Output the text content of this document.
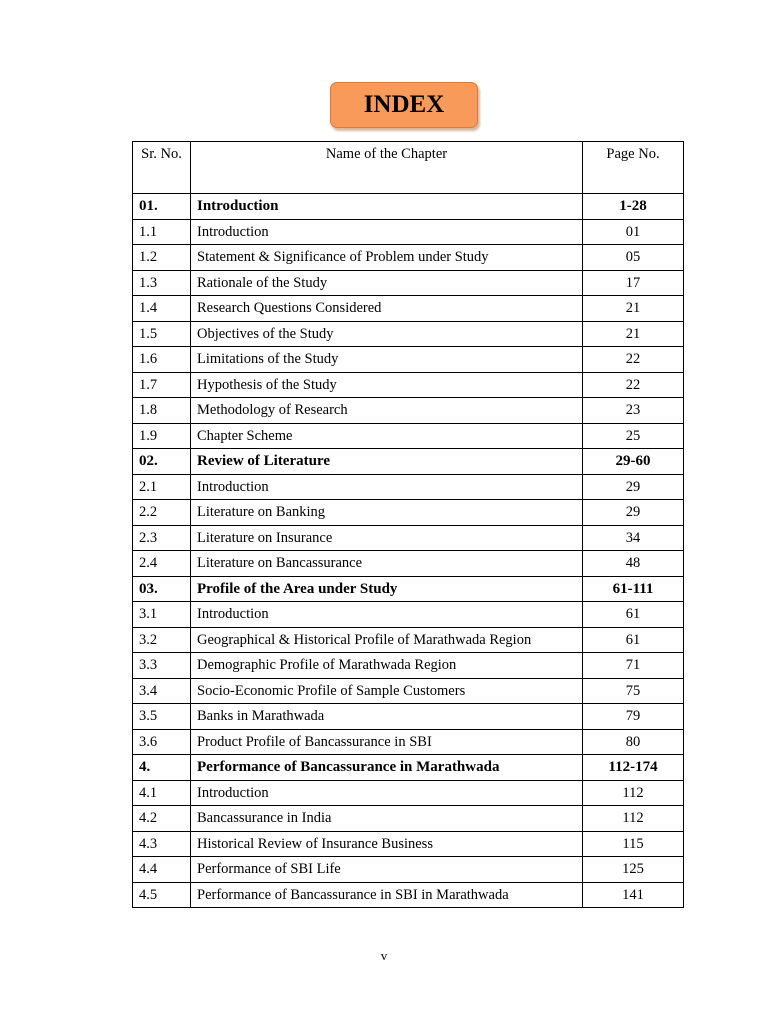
INDEX
Sr. No.	Name of the Chapter	Page No.
01.	Introduction	1-28
1.1	Introduction	01
1.2	Statement & Significance of Problem under Study	05
1.3	Rationale of the Study	17
1.4	Research Questions Considered	21
1.5	Objectives of the Study	21
1.6	Limitations of the Study	22
1.7	Hypothesis of the Study	22
1.8	Methodology of Research	23
1.9	Chapter Scheme	25
02.	Review of Literature	29-60
2.1	Introduction	29
2.2	Literature on Banking	29
2.3	Literature on Insurance	34
2.4	Literature on Bancassurance	48
03.	Profile of the Area under Study	61-111
3.1	Introduction	61
3.2	Geographical & Historical Profile of Marathwada Region	61
3.3	Demographic Profile of Marathwada Region	71
3.4	Socio-Economic Profile of Sample Customers	75
3.5	Banks in Marathwada	79
3.6	Product Profile of Bancassurance in SBI	80
4.	Performance of Bancassurance in Marathwada	112-174
4.1	Introduction	112
4.2	Bancassurance in India	112
4.3	Historical Review of Insurance Business	115
4.4	Performance of SBI Life	125
4.5	Performance of Bancassurance in SBI in Marathwada	141
v
